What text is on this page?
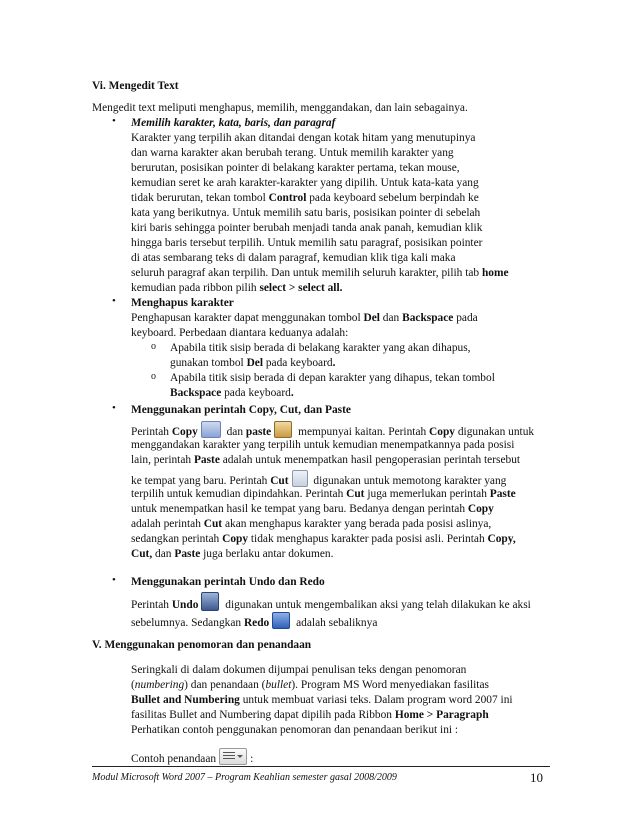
Vi. Mengedit Text
Mengedit text meliputi menghapus, memilih, menggandakan, dan lain sebagainya.
• Memilih karakter, kata, baris, dan paragraf
Karakter yang terpilih akan ditandai dengan kotak hitam yang menutupinya
dan warna karakter akan berubah terang. Untuk memilih karakter yang
berurutan, posisikan pointer di belakang karakter pertama, tekan mouse,
kemudian seret ke arah karakter-karakter yang dipilih. Untuk kata-kata yang
tidak berurutan, tekan tombol Control pada keyboard sebelum berpindah ke
kata yang berikutnya. Untuk memilih satu baris, posisikan pointer di sebelah
kiri baris sehingga pointer berubah menjadi tanda anak panah, kemudian klik
hingga baris tersebut terpilih. Untuk memilih satu paragraf, posisikan pointer
di atas sembarang teks di dalam paragraf, kemudian klik tiga kali maka
seluruh paragraf akan terpilih. Dan untuk memilih seluruh karakter, pilih tab home
kemudian pada ribbon pilih select > select all.
• Menghapus karakter
Penghapusan karakter dapat menggunakan tombol Del dan Backspace pada
keyboard. Perbedaan diantara keduanya adalah:
o Apabila titik sisip berada di belakang karakter yang akan dihapus,
gunakan tombol Del pada keyboard.
o Apabila titik sisip berada di depan karakter yang dihapus, tekan tombol
Backspace pada keyboard.
• Menggunakan perintah Copy, Cut, dan Paste
Perintah Copy dan paste mempunyai kaitan. Perintah Copy digunakan untuk
menggandakan karakter yang terpilih untuk kemudian menempatkannya pada posisi
lain, perintah Paste adalah untuk menempatkan hasil pengoperasian perintah tersebut
ke tempat yang baru. Perintah Cut digunakan untuk memotong karakter yang
terpilih untuk kemudian dipindahkan. Perintah Cut juga memerlukan perintah Paste
untuk menempatkan hasil ke tempat yang baru. Bedanya dengan perintah Copy
adalah perintah Cut akan menghapus karakter yang berada pada posisi aslinya,
sedangkan perintah Copy tidak menghapus karakter pada posisi asli. Perintah Copy,
Cut, dan Paste juga berlaku antar dokumen.
• Menggunakan perintah Undo dan Redo
Perintah Undo digunakan untuk mengembalikan aksi yang telah dilakukan ke aksi
sebelumnya. Sedangkan Redo adalah sebaliknya
V. Menggunakan penomoran dan penandaan
Seringkali di dalam dokumen dijumpai penulisan teks dengan penomoran
(numbering) dan penandaan (bullet). Program MS Word menyediakan fasilitas
Bullet and Numbering untuk membuat variasi teks. Dalam program word 2007 ini
fasilitas Bullet and Numbering dapat dipilih pada Ribbon Home > Paragraph
Perhatikan contoh penggunakan penomoran dan penandaan berikut ini :
Contoh penandaan	:
Modul Microsoft Word 2007 – Program Keahlian semester gasal 2008/2009	10
